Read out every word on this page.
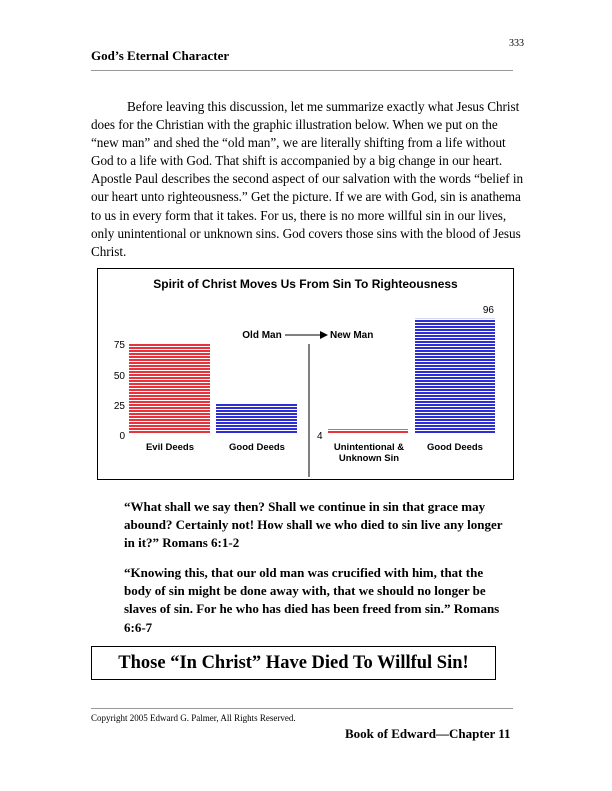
333
God’s Eternal Character

Before leaving this discussion, let me summarize exactly what Jesus Christ does for the Christian with the graphic illustration below. When we put on the “new man” and shed the “old man”, we are literally shifting from a life without God to a life with God. That shift is accompanied by a big change in our heart. Apostle Paul describes the second aspect of our salvation with the words “belief in our heart unto righteousness.” Get the picture. If we are with God, sin is anathema to us in every form that it takes. For us, there is no more willful sin in our lives, only unintentional or unknown sins. God covers those sins with the blood of Jesus Christ.

Spirit of Christ Moves Us From Sin To Righteousness
0
25
50
75
Old Man	New Man
4
96
Evil Deeds	Good Deeds	Unintentional &
Unknown Sin
Good Deeds

“What shall we say then? Shall we continue in sin that grace may abound? Certainly not! How shall we who died to sin live any longer in it?” Romans 6:1-2

“Knowing this, that our old man was crucified with him, that the body of sin might be done away with, that we should no longer be slaves of sin. For he who has died has been freed from sin.” Romans 6:6-7

Those “In Christ” Have Died To Willful Sin!
Copyright 2005 Edward G. Palmer, All Rights Reserved.
Book of Edward—Chapter 11
